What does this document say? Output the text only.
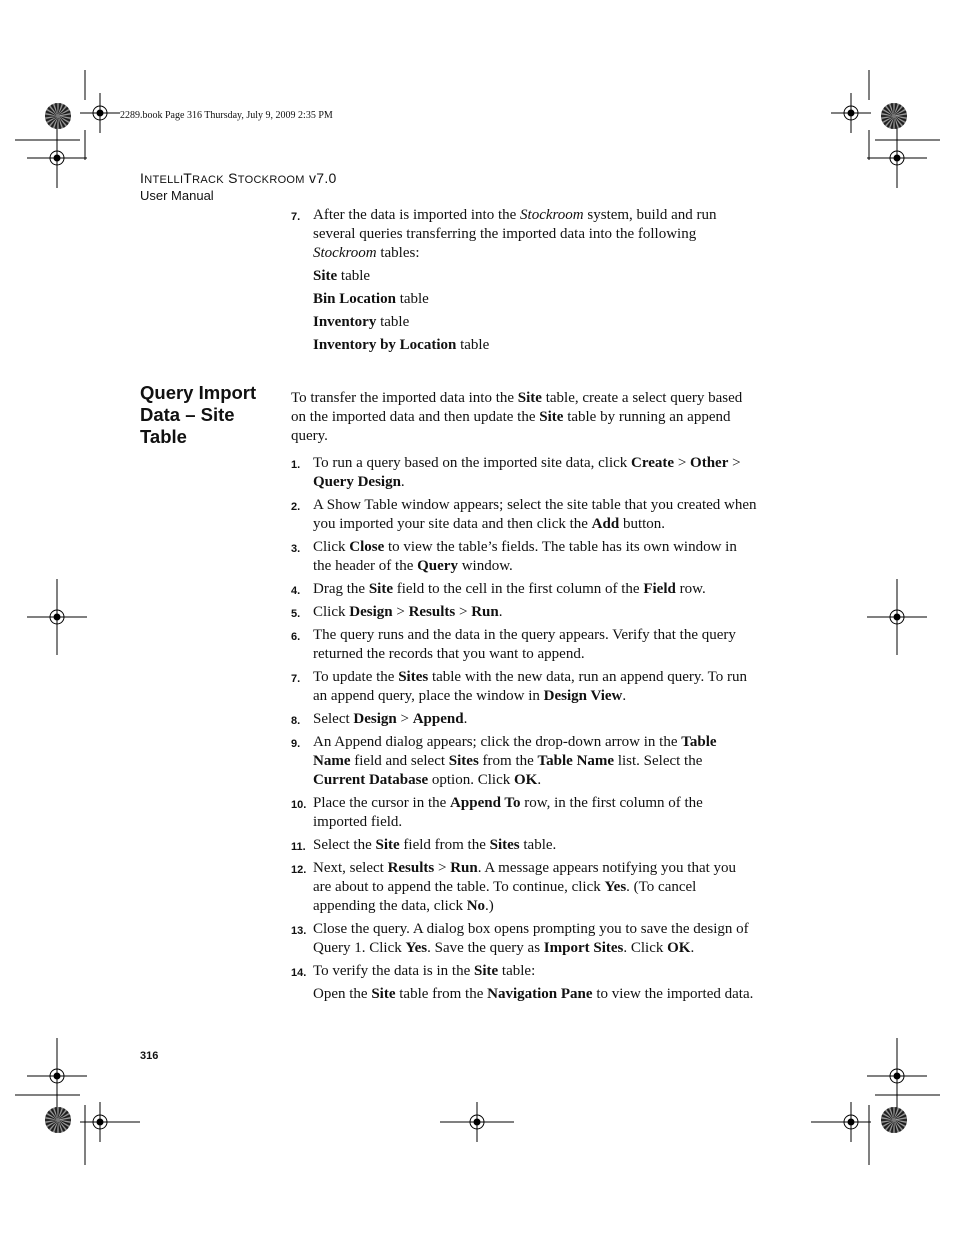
2289.book Page 316 Thursday, July 9, 2009 2:35 PM
INTELLITRACK STOCKROOM v7.0
User Manual
Query Import
Data – Site
Table
7. After the data is imported into the Stockroom system, build and run several queries transferring the imported data into the following Stockroom tables:

Site table

Bin Location table

Inventory table

Inventory by Location table

To transfer the imported data into the Site table, create a select query based on the imported data and then update the Site table by running an append query.

1. To run a query based on the imported site data, click Create > Other > Query Design.
2. A Show Table window appears; select the site table that you created when you imported your site data and then click the Add button.
3. Click Close to view the table’s fields. The table has its own window in the header of the Query window.
4. Drag the Site field to the cell in the first column of the Field row.
5. Click Design > Results > Run.
6. The query runs and the data in the query appears. Verify that the query returned the records that you want to append.
7. To update the Sites table with the new data, run an append query. To run an append query, place the window in Design View.
8. Select Design > Append.
9. An Append dialog appears; click the drop-down arrow in the Table Name field and select Sites from the Table Name list. Select the Current Database option. Click OK.
10. Place the cursor in the Append To row, in the first column of the imported field.
11. Select the Site field from the Sites table.
12. Next, select Results > Run. A message appears notifying you that you are about to append the table. To continue, click Yes. (To cancel appending the data, click No.)
13. Close the query. A dialog box opens prompting you to save the design of Query 1. Click Yes. Save the query as Import Sites. Click OK.
14. To verify the data is in the Site table:

Open the Site table from the Navigation Pane to view the imported data.

316
